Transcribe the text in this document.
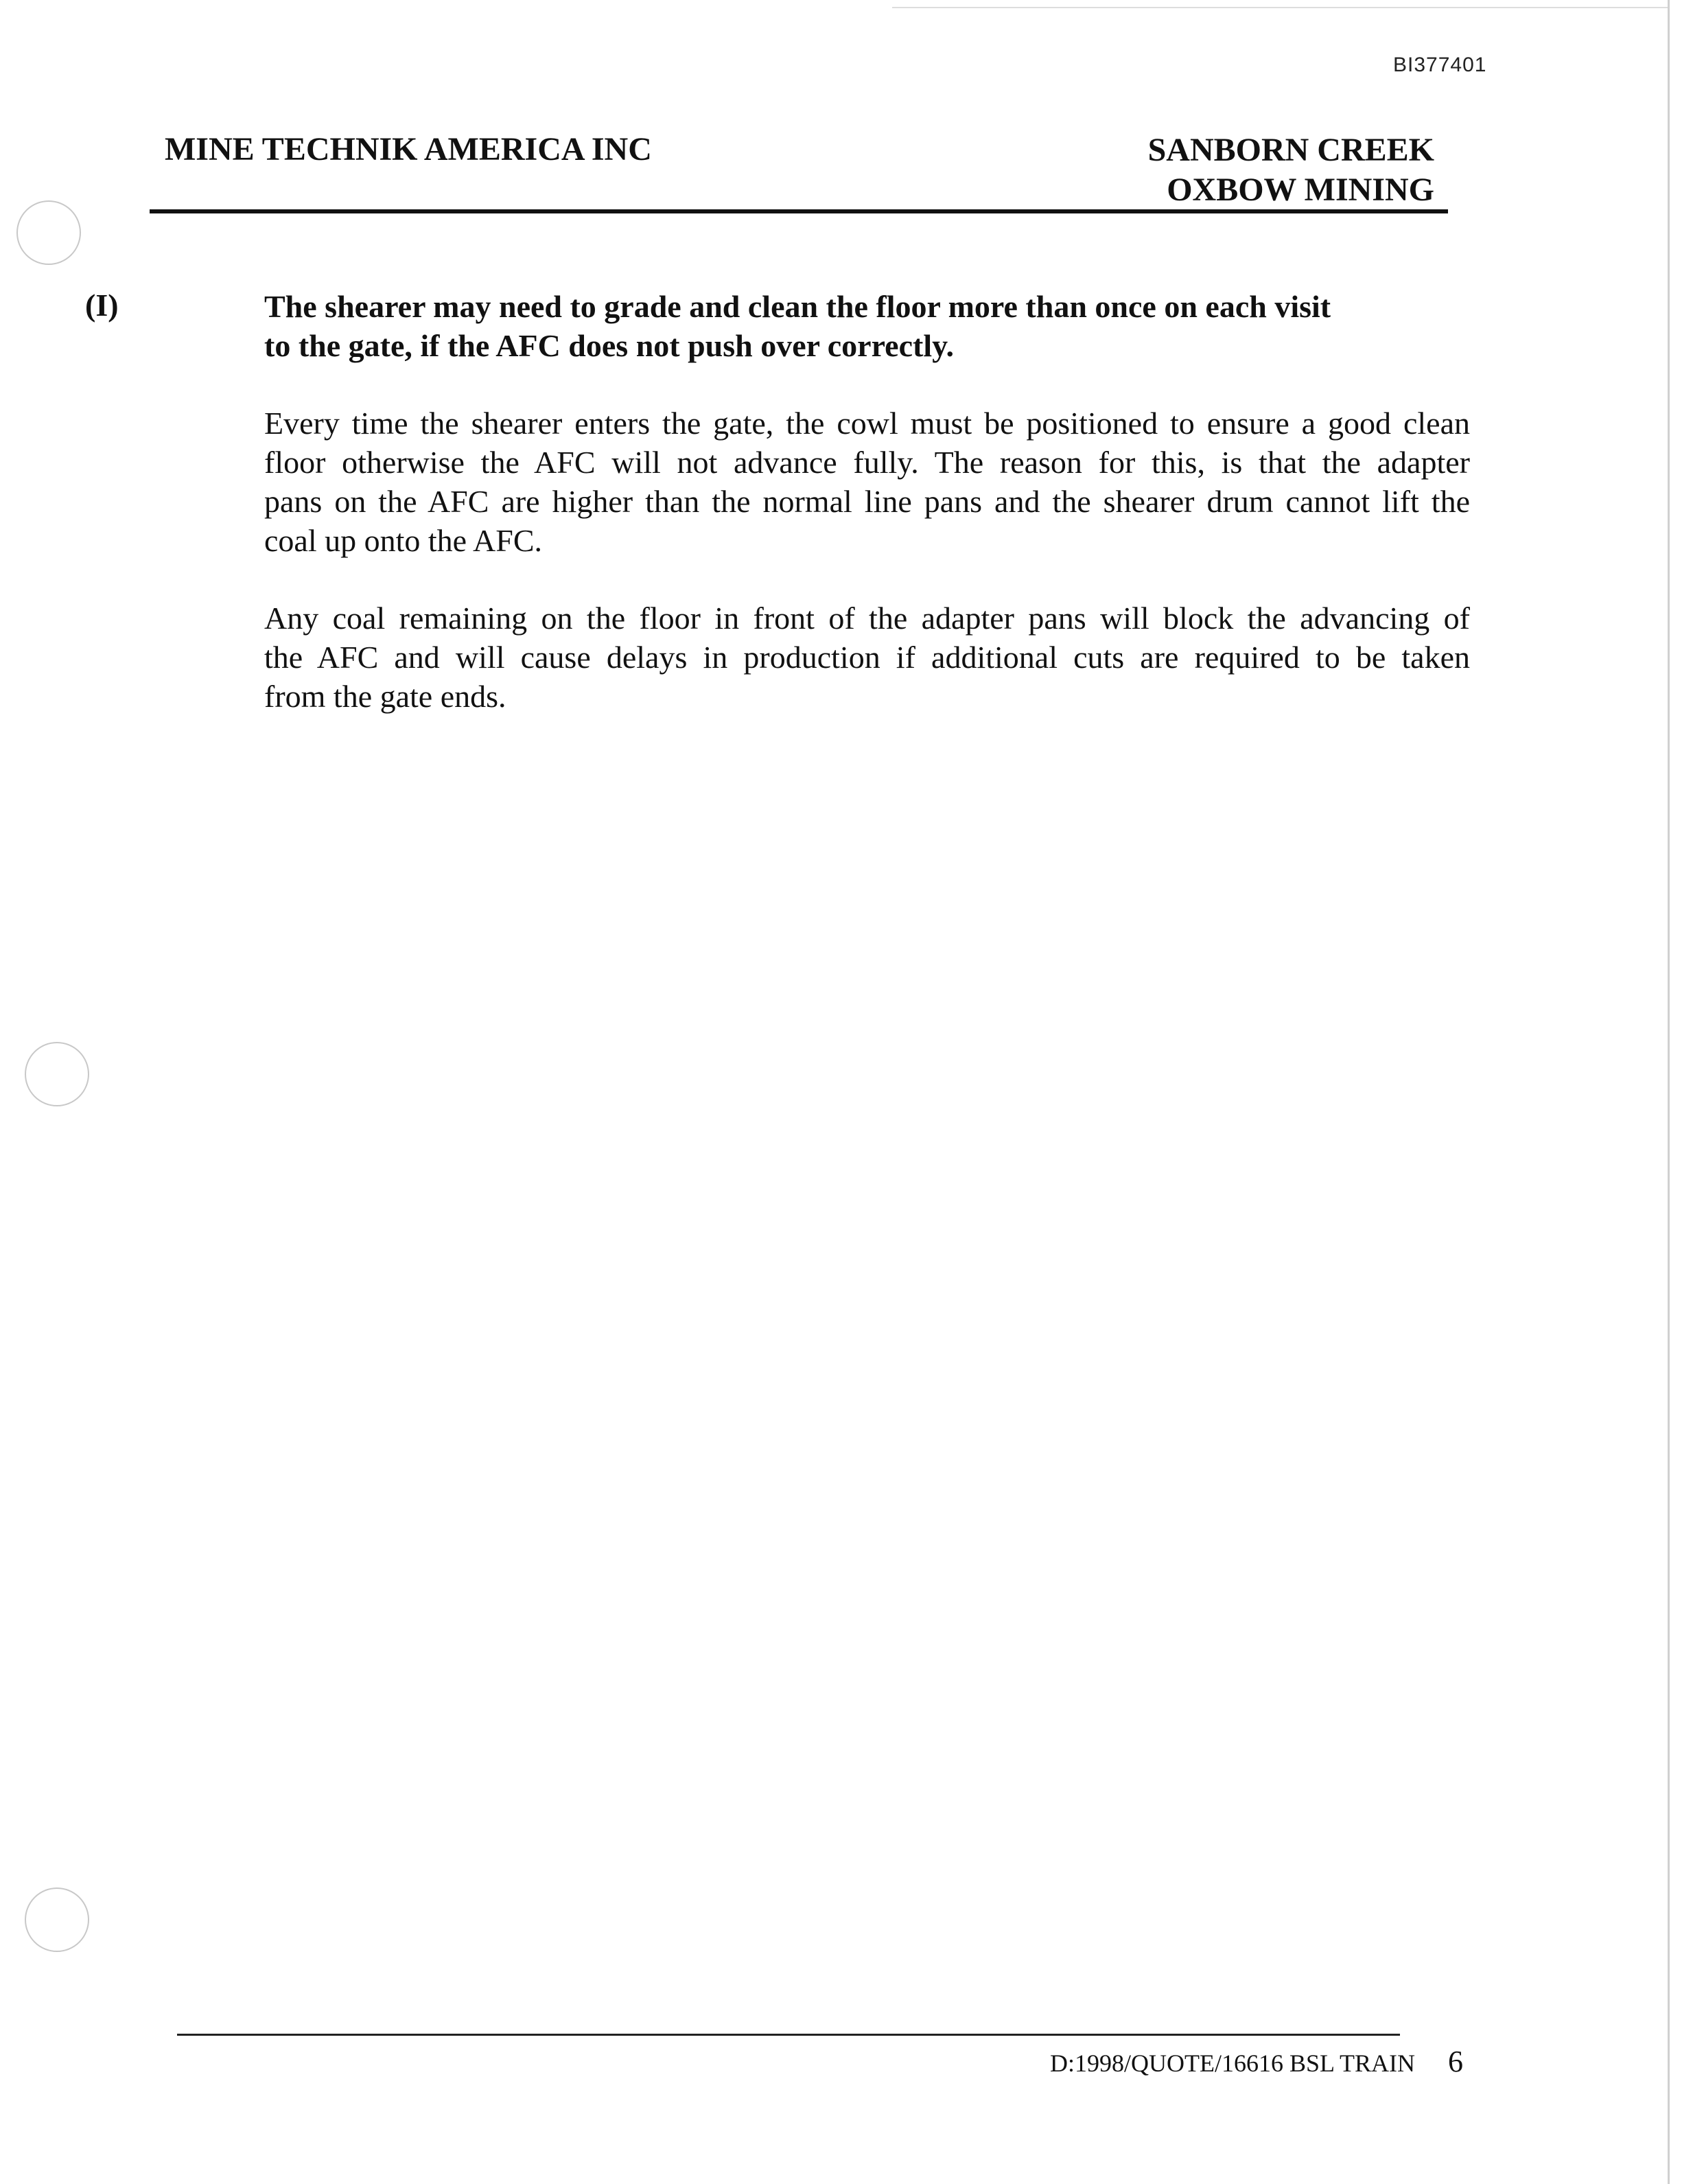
BI377401
MINE TECHNIK AMERICA INC	SANBORN CREEK
OXBOW MINING
(I)	The shearer may need to grade and clean the floor more than once on each visit
to the gate, if the AFC does not push over correctly.
Every time the shearer enters the gate, the cowl must be positioned to ensure a good clean
floor otherwise the AFC will not advance fully. The reason for this, is that the adapter
pans on the AFC are higher than the normal line pans and the shearer drum cannot lift the
coal up onto the AFC.
Any coal remaining on the floor in front of the adapter pans will block the advancing of
the AFC and will cause delays in production if additional cuts are required to be taken
from the gate ends.
D:1998/QUOTE/16616 BSL TRAIN 6
